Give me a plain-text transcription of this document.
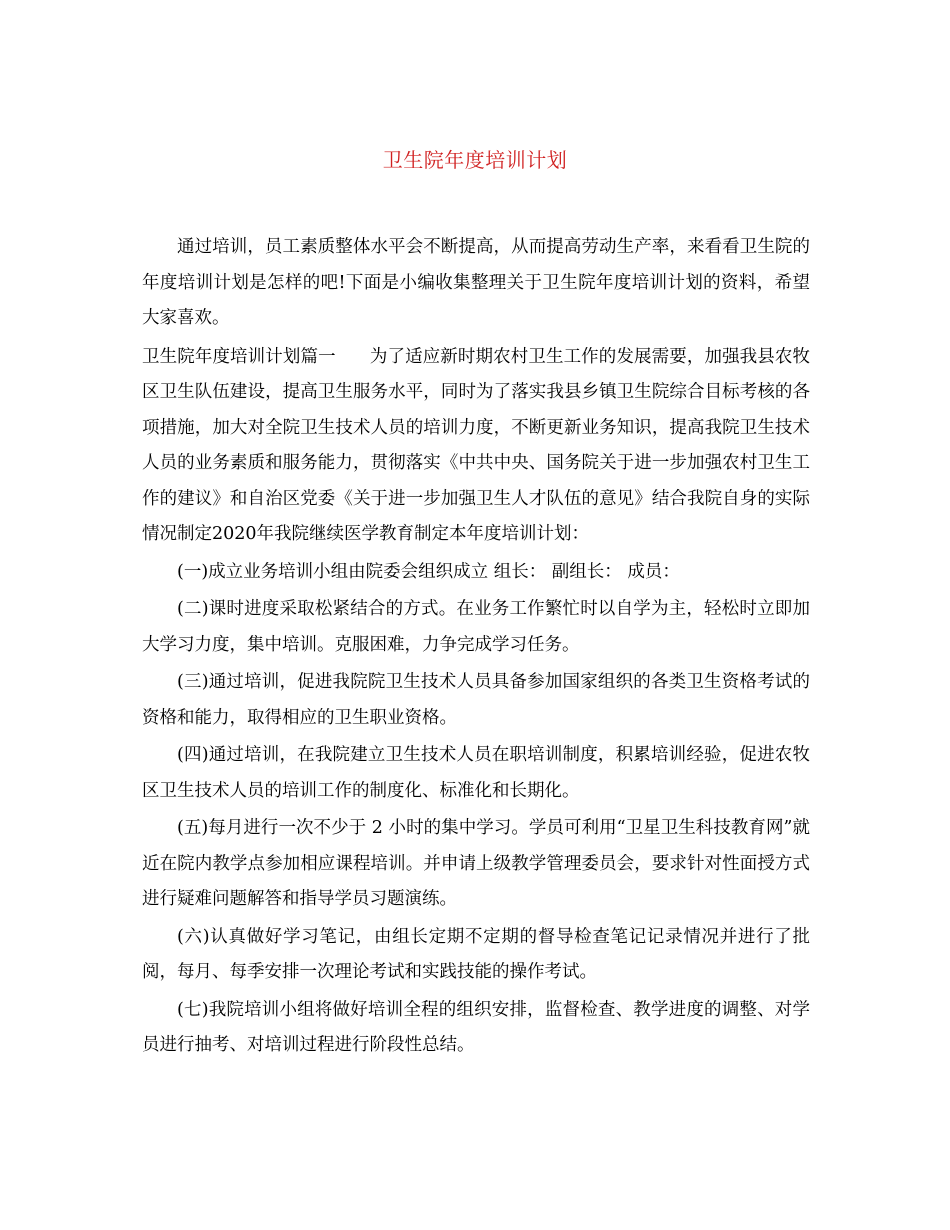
卫生院年度培训计划

通过培训，员工素质整体水平会不断提高，从而提高劳动生产率，来看看卫生院的年度培训计划是怎样的吧!下面是小编收集整理关于卫生院年度培训计划的资料，希望大家喜欢。

卫生院年度培训计划篇一 为了适应新时期农村卫生工作的发展需要，加强我县农牧区卫生队伍建设，提高卫生服务水平，同时为了落实我县乡镇卫生院综合目标考核的各项措施，加大对全院卫生技术人员的培训力度，不断更新业务知识，提高我院卫生技术人员的业务素质和服务能力，贯彻落实《中共中央、国务院关于进一步加强农村卫生工作的建议》和自治区党委《关于进一步加强卫生人才队伍的意见》结合我院自身的实际情况制定2020年我院继续医学教育制定本年度培训计划：

(一)成立业务培训小组由院委会组织成立 组长： 副组长： 成员：

(二)课时进度采取松紧结合的方式。在业务工作繁忙时以自学为主，轻松时立即加大学习力度，集中培训。克服困难，力争完成学习任务。

(三)通过培训，促进我院院卫生技术人员具备参加国家组织的各类卫生资格考试的资格和能力，取得相应的卫生职业资格。

(四)通过培训，在我院建立卫生技术人员在职培训制度，积累培训经验，促进农牧区卫生技术人员的培训工作的制度化、标准化和长期化。

(五)每月进行一次不少于 2 小时的集中学习。学员可利用“卫星卫生科技教育网”就近在院内教学点参加相应课程培训。并申请上级教学管理委员会，要求针对性面授方式进行疑难问题解答和指导学员习题演练。

(六)认真做好学习笔记，由组长定期不定期的督导检查笔记记录情况并进行了批阅，每月、每季安排一次理论考试和实践技能的操作考试。

(七)我院培训小组将做好培训全程的组织安排，监督检查、教学进度的调整、对学员进行抽考、对培训过程进行阶段性总结。
